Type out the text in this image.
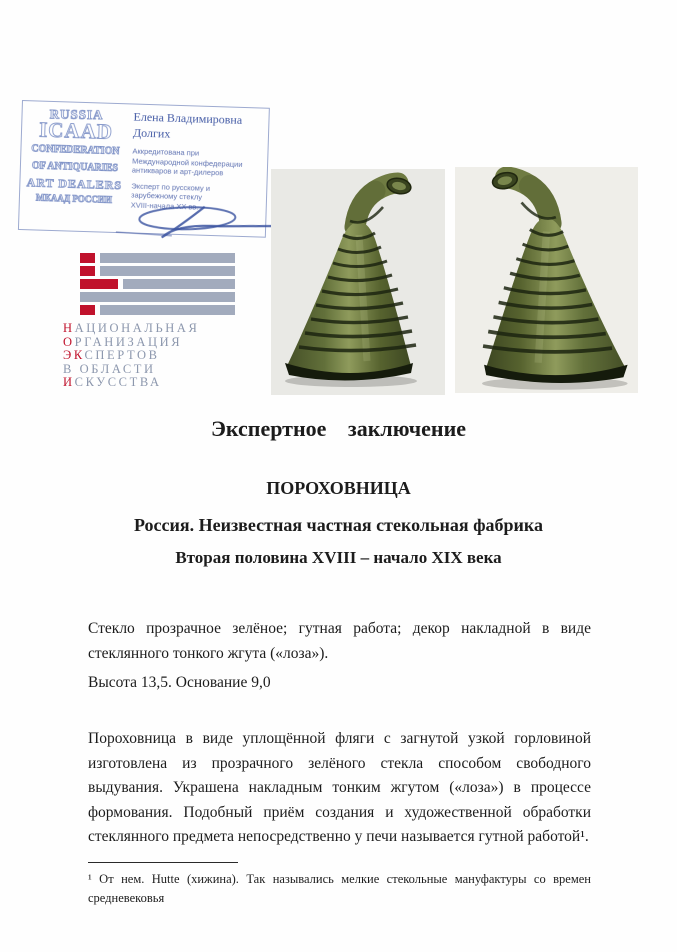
RUSSIA
ICAAD
CONFEDERATION
OF ANTIQUARIES
ART DEALERS
МКААД РОССИИ
Елена Владимировна
Долгих
Аккредитована при
Международной конфедерации
антикваров и арт-дилеров
Эксперт по русскому и
зарубежному стеклу
XVIII-начала XX вв.
НАЦИОНАЛЬНАЯ
ОРГАНИЗАЦИЯ
ЭКСПЕРТОВ
В ОБЛАСТИ
ИСКУССТВА
Экспертное заключение
ПОРОХОВНИЦА
Россия. Неизвестная частная стекольная фабрика
Вторая половина XVIII – начало XIX века
Стекло прозрачное зелёное; гутная работа; декор накладной в виде стеклянного тонкого жгута («лоза»).
Высота 13,5. Основание 9,0
Пороховница в виде уплощённой фляги с загнутой узкой горловиной изготовлена из прозрачного зелёного стекла способом свободного выдувания. Украшена накладным тонким жгутом («лоза») в процессе формования. Подобный приём создания и художественной обработки стеклянного предмета непосредственно у печи называется гутной работой¹.
¹ От нем. Hutte (хижина). Так назывались мелкие стекольные мануфактуры со времен средневековья
